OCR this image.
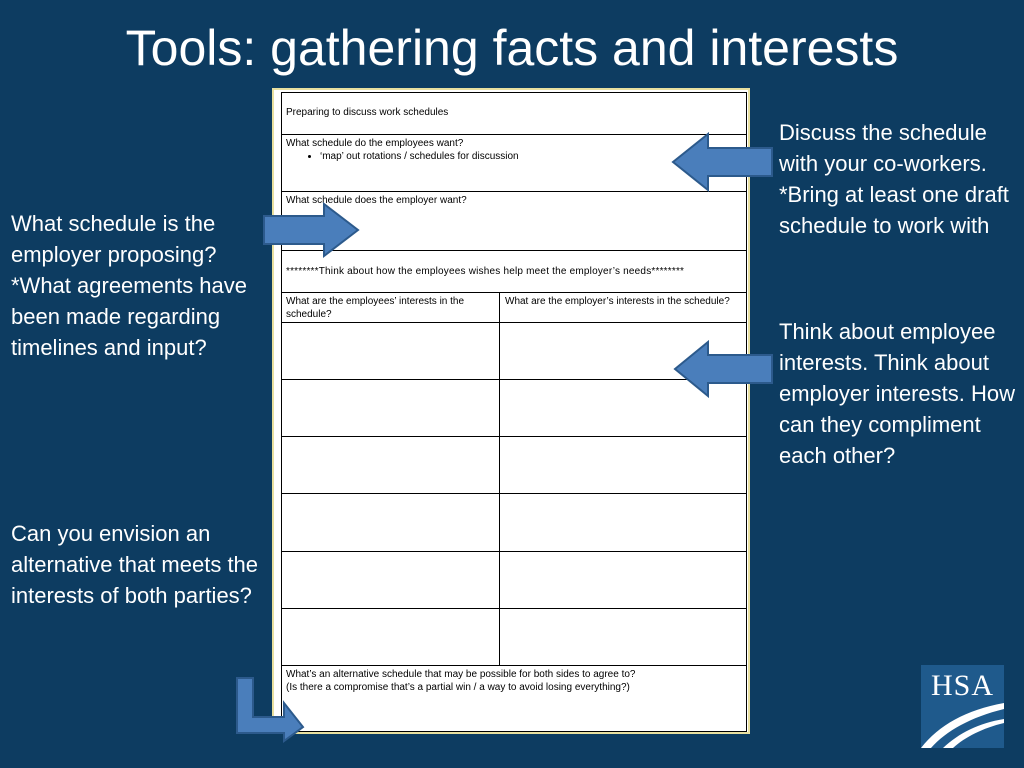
Tools: gathering facts and interests
What schedule is the employer proposing? *What agreements have been made regarding timelines and input?
Can you envision an alternative that meets the interests of both parties?
Discuss the schedule with your co-workers. *Bring at least one draft schedule to work with
Think about employee interests. Think about employer interests. How can they compliment each other?
Preparing to discuss work schedules
What schedule do the employees want?
• ‘map’ out rotations / schedules for discussion
What schedule does the employer want?
********Think about how the employees wishes help meet the employer’s needs********
What are the employees’ interests in the schedule?
What are the employer’s interests in the schedule?
What’s an alternative schedule that may be possible for both sides to agree to?
(Is there a compromise that’s a partial win / a way to avoid losing everything?)	HSA
